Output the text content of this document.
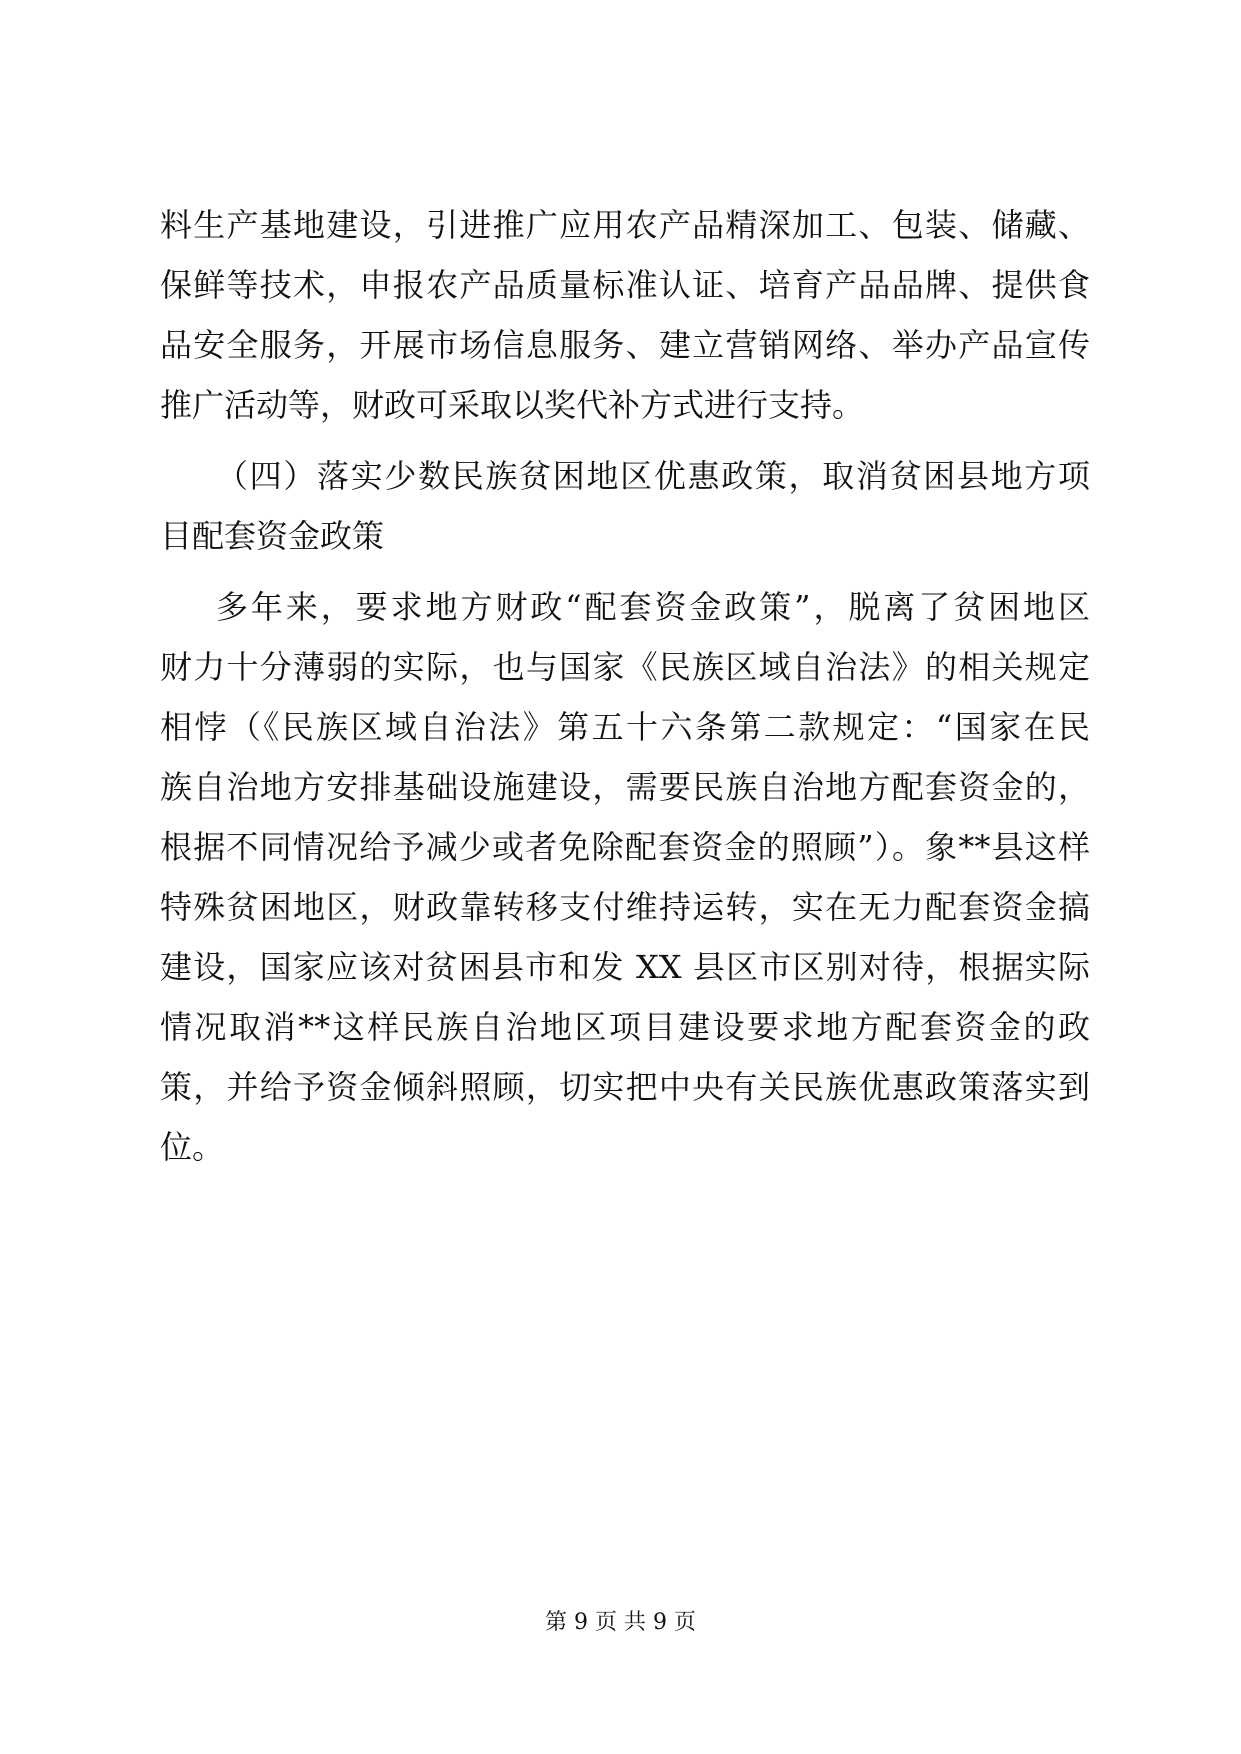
料生产基地建设，引进推广应用农产品精深加工、包装、储藏、
保鲜等技术，申报农产品质量标准认证、培育产品品牌、提供食
品安全服务，开展市场信息服务、建立营销网络、举办产品宣传
推广活动等，财政可采取以奖代补方式进行支持。
（四）落实少数民族贫困地区优惠政策，取消贫困县地方项
目配套资金政策
多年来，要求地方财政“配套资金政策”，脱离了贫困地区
财力十分薄弱的实际，也与国家《民族区域自治法》的相关规定
相悖（《民族区域自治法》第五十六条第二款规定：“国家在民
族自治地方安排基础设施建设，需要民族自治地方配套资金的，
根据不同情况给予减少或者免除配套资金的照顾”）。象**县这样
特殊贫困地区，财政靠转移支付维持运转，实在无力配套资金搞
建设，国家应该对贫困县市和发 XX 县区市区别对待，根据实际
情况取消**这样民族自治地区项目建设要求地方配套资金的政
策，并给予资金倾斜照顾，切实把中央有关民族优惠政策落实到
位。
第 9 页 共 9 页
